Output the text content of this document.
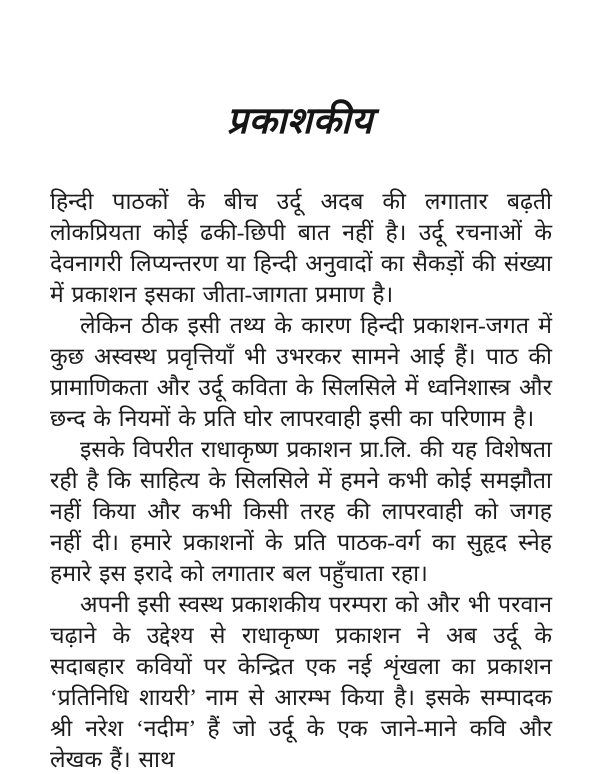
प्रकाशकीय

हिन्दी पाठकों के बीच उर्दू अदब की लगातार बढ़ती लोकप्रियता कोई ढकी-छिपी बात नहीं है। उर्दू रचनाओं के देवनागरी लिप्यन्तरण या हिन्दी अनुवादों का सैकड़ों की संख्या में प्रकाशन इसका जीता-जागता प्रमाण है।

लेकिन ठीक इसी तथ्य के कारण हिन्दी प्रकाशन-जगत में कुछ अस्वस्थ प्रवृत्तियाँ भी उभरकर सामने आई हैं। पाठ की प्रामाणिकता और उर्दू कविता के सिलसिले में ध्वनिशास्त्र और छन्द के नियमों के प्रति घोर लापरवाही इसी का परिणाम है।

इसके विपरीत राधाकृष्ण प्रकाशन प्रा.लि. की यह विशेषता रही है कि साहित्य के सिलसिले में हमने कभी कोई समझौता नहीं किया और कभी किसी तरह की लापरवाही को जगह नहीं दी। हमारे प्रकाशनों के प्रति पाठक-वर्ग का सुहृद स्नेह हमारे इस इरादे को लगातार बल पहुँचाता रहा।

अपनी इसी स्वस्थ प्रकाशकीय परम्परा को और भी परवान चढ़ाने के उद्देश्य से राधाकृष्ण प्रकाशन ने अब उर्दू के सदाबहार कवियों पर केन्द्रित एक नई शृंखला का प्रकाशन ‘प्रतिनिधि शायरी’ नाम से आरम्भ किया है। इसके सम्पादक श्री नरेश ‘नदीम’ हैं जो उर्दू के एक जाने-माने कवि और लेखक हैं। साथ
